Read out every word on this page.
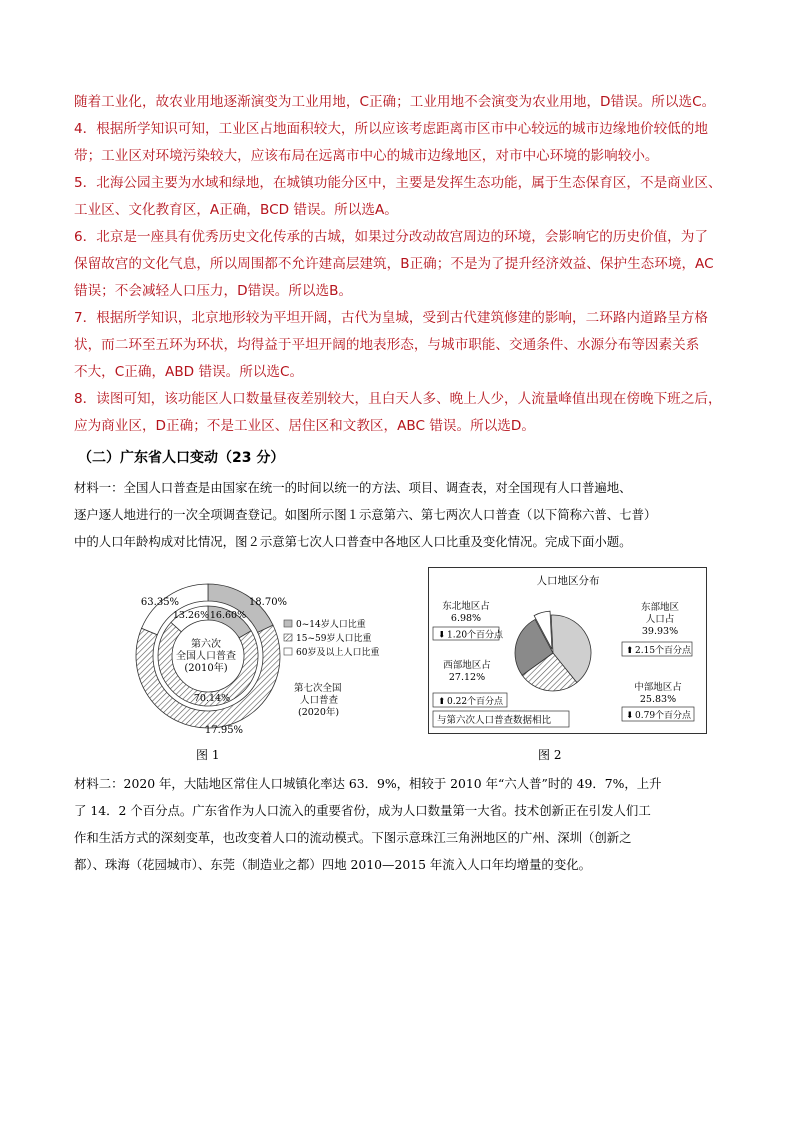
随着工业化，故农业用地逐渐演变为工业用地，C正确；工业用地不会演变为农业用地，D错误。所以选C。

4．根据所学知识可知，工业区占地面积较大，所以应该考虑距离市区市中心较远的城市边缘地价较低的地

带；工业区对环境污染较大，应该布局在远离市中心的城市边缘地区，对市中心环境的影响较小。

5．北海公园主要为水域和绿地，在城镇功能分区中，主要是发挥生态功能，属于生态保育区，不是商业区、

工业区、文化教育区，A正确，BCD 错误。所以选A。

6．北京是一座具有优秀历史文化传承的古城，如果过分改动故宫周边的环境，会影响它的历史价值，为了

保留故宫的文化气息，所以周围都不允许建高层建筑，B正确；不是为了提升经济效益、保护生态环境，AC

错误；不会减轻人口压力，D错误。所以选B。

7．根据所学知识，北京地形较为平坦开阔，古代为皇城，受到古代建筑修建的影响，二环路内道路呈方格

状，而二环至五环为环状，均得益于平坦开阔的地表形态，与城市职能、交通条件、水源分布等因素关系

不大，C正确，ABD 错误。所以选C。

8．读图可知，该功能区人口数量昼夜差别较大，且白天人多、晚上人少，人流量峰值出现在傍晚下班之后，

应为商业区，D正确；不是工业区、居住区和文教区，ABC 错误。所以选D。

（二）广东省人口变动（23 分）

材料一：全国人口普查是由国家在统一的时间以统一的方法、项目、调查表，对全国现有人口普遍地、

逐户逐人地进行的一次全项调查登记。如图所示图１示意第六、第七两次人口普查（以下简称六普、七普）

中的人口年龄构成对比情况，图２示意第七次人口普查中各地区人口比重及变化情况。完成下面小题。

第六次
全国人口普查
(2010年)
63.35%	18.70%
17.95%
13.26% 16.60%
70.14%
第七次全国
人口普查
(2020年)
0~14岁人口比重
15~59岁人口比重
60岁及以上人口比重
图 1
人口地区分布
东北地区占
6.98%
⬇ 1.20个百分点
东部地区
人口占
39.93%
⬆ 2.15个百分点
西部地区占
27.12%
⬆ 0.22个百分点
中部地区占
25.83%
⬇ 0.79个百分点
与第六次人口普查数据相比
图 2

材料二：2020 年，大陆地区常住人口城镇化率达 63．9%，相较于 2010 年“六人普”时的 49．7%，上升

了 14．2 个百分点。广东省作为人口流入的重要省份，成为人口数量第一大省。技术创新正在引发人们工

作和生活方式的深刻变革，也改变着人口的流动模式。下图示意珠江三角洲地区的广州、深圳（创新之

都）、珠海（花园城市）、东莞（制造业之都）四地 2010—2015 年流入人口年均增量的变化。
